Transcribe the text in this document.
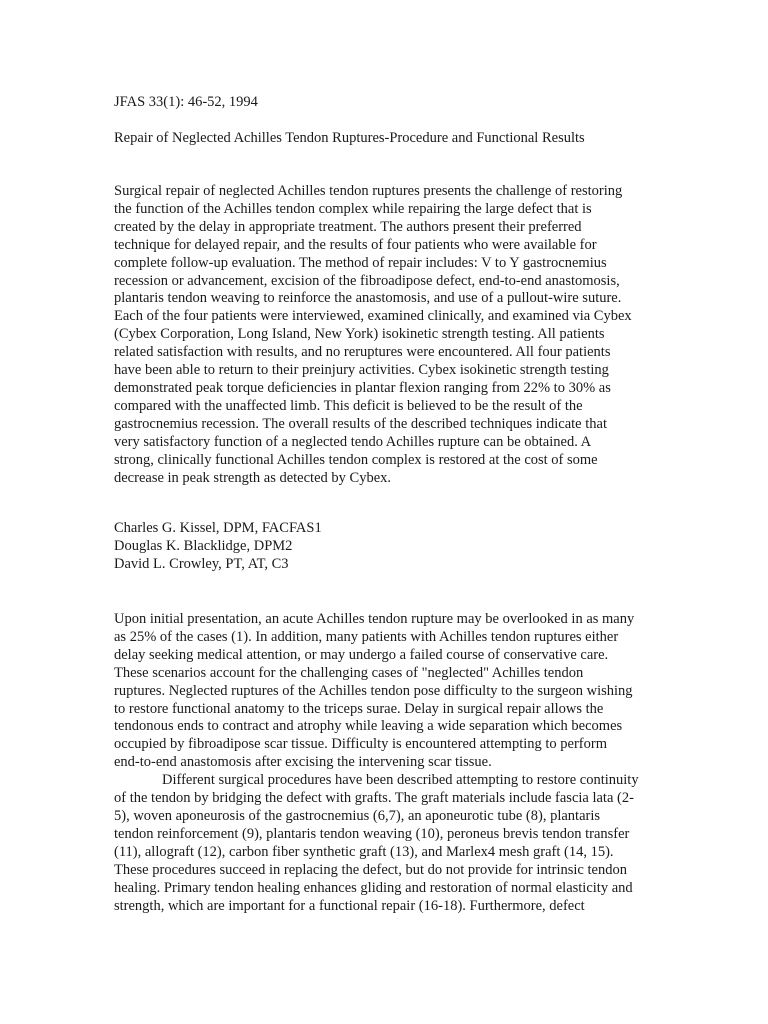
JFAS 33(1): 46-52, 1994
Repair of Neglected Achilles Tendon Ruptures-Procedure and Functional Results
Surgical repair of neglected Achilles tendon ruptures presents the challenge of restoring
the function of the Achilles tendon complex while repairing the large defect that is
created by the delay in appropriate treatment. The authors present their preferred
technique for delayed repair, and the results of four patients who were available for
complete follow-up evaluation. The method of repair includes: V to Y gastrocnemius
recession or advancement, excision of the fibroadipose defect, end-to-end anastomosis,
plantaris tendon weaving to reinforce the anastomosis, and use of a pullout-wire suture.
Each of the four patients were interviewed, examined clinically, and examined via Cybex
(Cybex Corporation, Long Island, New York) isokinetic strength testing. All patients
related satisfaction with results, and no reruptures were encountered. All four patients
have been able to return to their preinjury activities. Cybex isokinetic strength testing
demonstrated peak torque deficiencies in plantar flexion ranging from 22% to 30% as
compared with the unaffected limb. This deficit is believed to be the result of the
gastrocnemius recession. The overall results of the described techniques indicate that
very satisfactory function of a neglected tendo Achilles rupture can be obtained. A
strong, clinically functional Achilles tendon complex is restored at the cost of some
decrease in peak strength as detected by Cybex.
Charles G. Kissel, DPM, FACFAS1
Douglas K. Blacklidge, DPM2
David L. Crowley, PT, AT, C3
Upon initial presentation, an acute Achilles tendon rupture may be overlooked in as many
as 25% of the cases (1). In addition, many patients with Achilles tendon ruptures either
delay seeking medical attention, or may undergo a failed course of conservative care.
These scenarios account for the challenging cases of "neglected" Achilles tendon
ruptures. Neglected ruptures of the Achilles tendon pose difficulty to the surgeon wishing
to restore functional anatomy to the triceps surae. Delay in surgical repair allows the
tendonous ends to contract and atrophy while leaving a wide separation which becomes
occupied by fibroadipose scar tissue. Difficulty is encountered attempting to perform
end-to-end anastomosis after excising the intervening scar tissue.
Different surgical procedures have been described attempting to restore continuity
of the tendon by bridging the defect with grafts. The graft materials include fascia lata (2-
5), woven aponeurosis of the gastrocnemius (6,7), an aponeurotic tube (8), plantaris
tendon reinforcement (9), plantaris tendon weaving (10), peroneus brevis tendon transfer
(11), allograft (12), carbon fiber synthetic graft (13), and Marlex4 mesh graft (14, 15).
These procedures succeed in replacing the defect, but do not provide for intrinsic tendon
healing. Primary tendon healing enhances gliding and restoration of normal elasticity and
strength, which are important for a functional repair (16-18). Furthermore, defect
